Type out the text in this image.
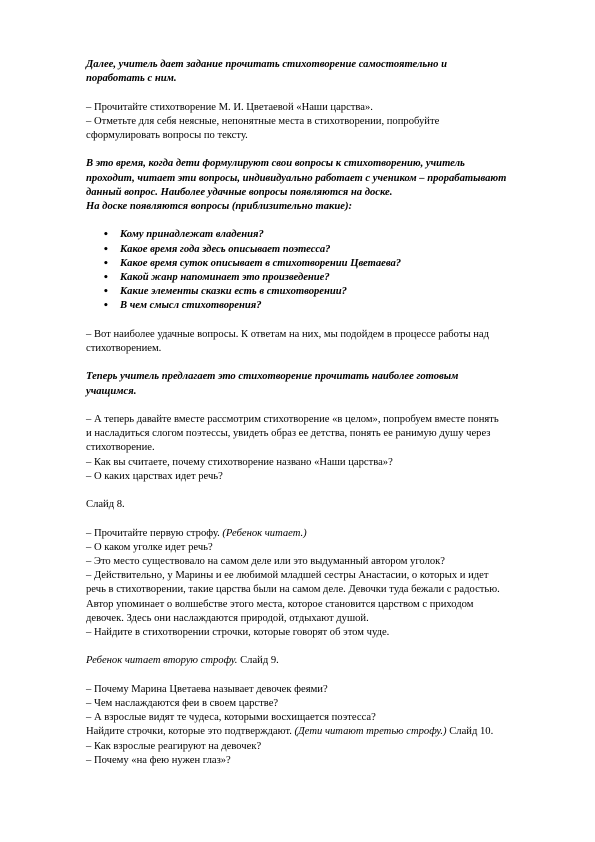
Далее, учитель дает задание прочитать стихотворение самостоятельно и

поработать с ним.

– Прочитайте стихотворение М. И. Цветаевой «Наши царства».

– Отметьте для себя неясные, непонятные места в стихотворении, попробуйте

сформулировать вопросы по тексту.

В это время, когда дети формулируют свои вопросы к стихотворению, учитель

проходит, читает эти вопросы, индивидуально работает с учеником – прорабатывают

данный вопрос. Наиболее удачные вопросы появляются на доске.

На доске появляются вопросы (приблизительно такие):

• Кому принадлежат владения?
• Какое время года здесь описывает поэтесса?
• Какое время суток описывает в стихотворении Цветаева?
• Какой жанр напоминает это произведение?
• Какие элементы сказки есть в стихотворении?
• В чем смысл стихотворения?

– Вот наиболее удачные вопросы. К ответам на них, мы подойдем в процессе работы над

стихотворением.

Теперь учитель предлагает это стихотворение прочитать наиболее готовым

учащимся.

– А теперь давайте вместе рассмотрим стихотворение «в целом», попробуем вместе понять

и насладиться слогом поэтессы, увидеть образ ее детства, понять ее ранимую душу через

стихотворение.

– Как вы считаете, почему стихотворение названо «Наши царства»?

– О каких царствах идет речь?

Слайд 8.

– Прочитайте первую строфу. (Ребенок читает.)

– О каком уголке идет речь?

– Это место существовало на самом деле или это выдуманный автором уголок?

– Действительно, у Марины и ее любимой младшей сестры Анастасии, о которых и идет

речь в стихотворении, такие царства были на самом деле. Девочки туда бежали с радостью.

Автор упоминает о волшебстве этого места, которое становится царством с приходом

девочек. Здесь они наслаждаются природой, отдыхают душой.

– Найдите в стихотворении строчки, которые говорят об этом чуде.

Ребенок читает вторую строфу. Слайд 9.

– Почему Марина Цветаева называет девочек феями?

– Чем наслаждаются феи в своем царстве?

– А взрослые видят те чудеса, которыми восхищается поэтесса?

Найдите строчки, которые это подтверждают. (Дети читают третью строфу.) Слайд 10.

– Как взрослые реагируют на девочек?

– Почему «на фею нужен глаз»?
